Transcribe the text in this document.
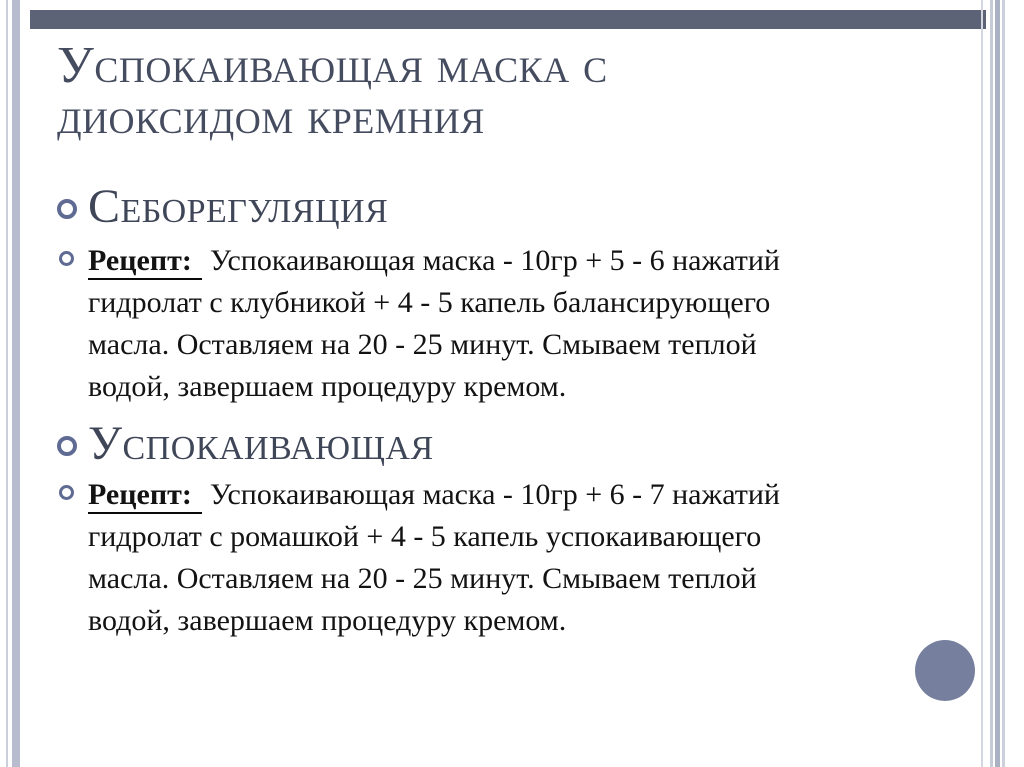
Успокаивающая маска с диоксидом кремния
Себорегуляция
Рецепт: Успокаивающая маска - 10гр + 5 - 6 нажатий
гидролат с клубникой + 4 - 5 капель балансирующего
масла. Оставляем на 20 - 25 минут. Смываем теплой
водой, завершаем процедуру кремом.
Успокаивающая
Рецепт: Успокаивающая маска - 10гр + 6 - 7 нажатий
гидролат с ромашкой + 4 - 5 капель успокаивающего
масла. Оставляем на 20 - 25 минут. Смываем теплой
водой, завершаем процедуру кремом.
